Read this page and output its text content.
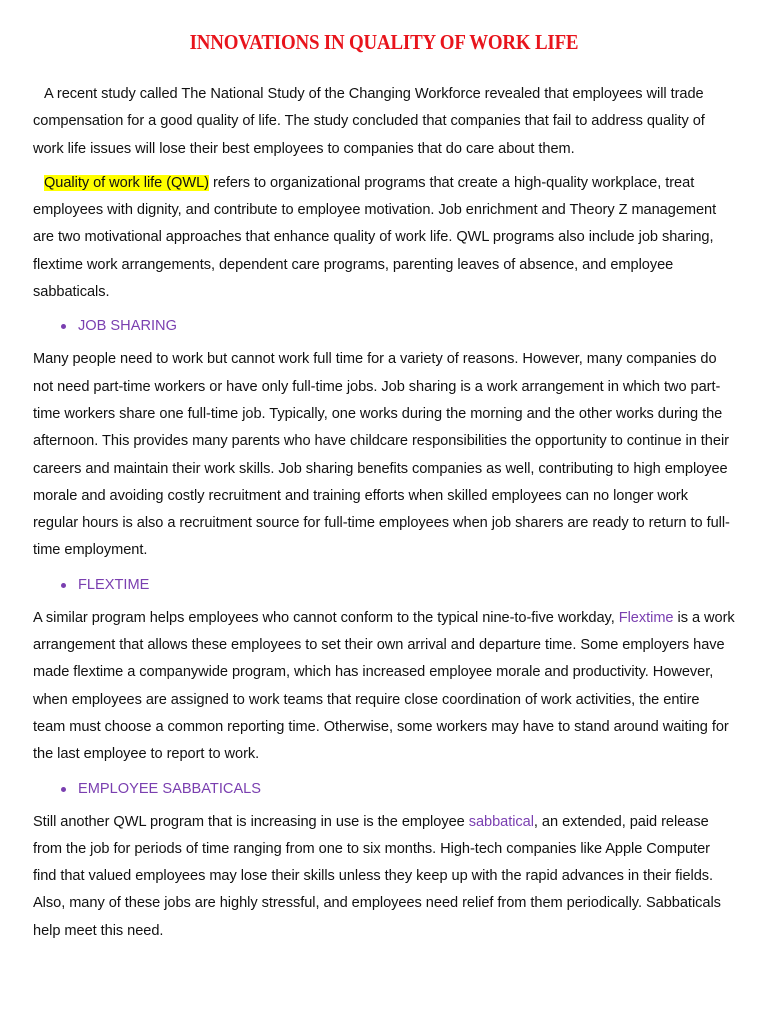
INNOVATIONS IN QUALITY OF WORK LIFE

A recent study called The National Study of the Changing Workforce revealed that employees will trade compensation for a good quality of life. The study concluded that companies that fail to address quality of work life issues will lose their best employees to companies that do care about them.

Quality of work life (QWL) refers to organizational programs that create a high-quality workplace, treat employees with dignity, and contribute to employee motivation. Job enrichment and Theory Z management are two motivational approaches that enhance quality of work life. QWL programs also include job sharing, flextime work arrangements, dependent care programs, parenting leaves of absence, and employee sabbaticals.

JOB SHARING

Many people need to work but cannot work full time for a variety of reasons. However, many companies do not need part-time workers or have only full-time jobs. Job sharing is a work arrangement in which two part-time workers share one full-time job. Typically, one works during the morning and the other works during the afternoon. This provides many parents who have childcare responsibilities the opportunity to continue in their careers and maintain their work skills. Job sharing benefits companies as well, contributing to high employee morale and avoiding costly recruitment and training efforts when skilled employees can no longer work regular hours is also a recruitment source for full-time employees when job sharers are ready to return to full-time employment.

FLEXTIME

A similar program helps employees who cannot conform to the typical nine-to-five workday, Flextime is a work arrangement that allows these employees to set their own arrival and departure time. Some employers have made flextime a companywide program, which has increased employee morale and productivity. However, when employees are assigned to work teams that require close coordination of work activities, the entire team must choose a common reporting time. Otherwise, some workers may have to stand around waiting for the last employee to report to work.

EMPLOYEE SABBATICALS

Still another QWL program that is increasing in use is the employee sabbatical, an extended, paid release from the job for periods of time ranging from one to six months. High-tech companies like Apple Computer find that valued employees may lose their skills unless they keep up with the rapid advances in their fields. Also, many of these jobs are highly stressful, and employees need relief from them periodically. Sabbaticals help meet this need.
